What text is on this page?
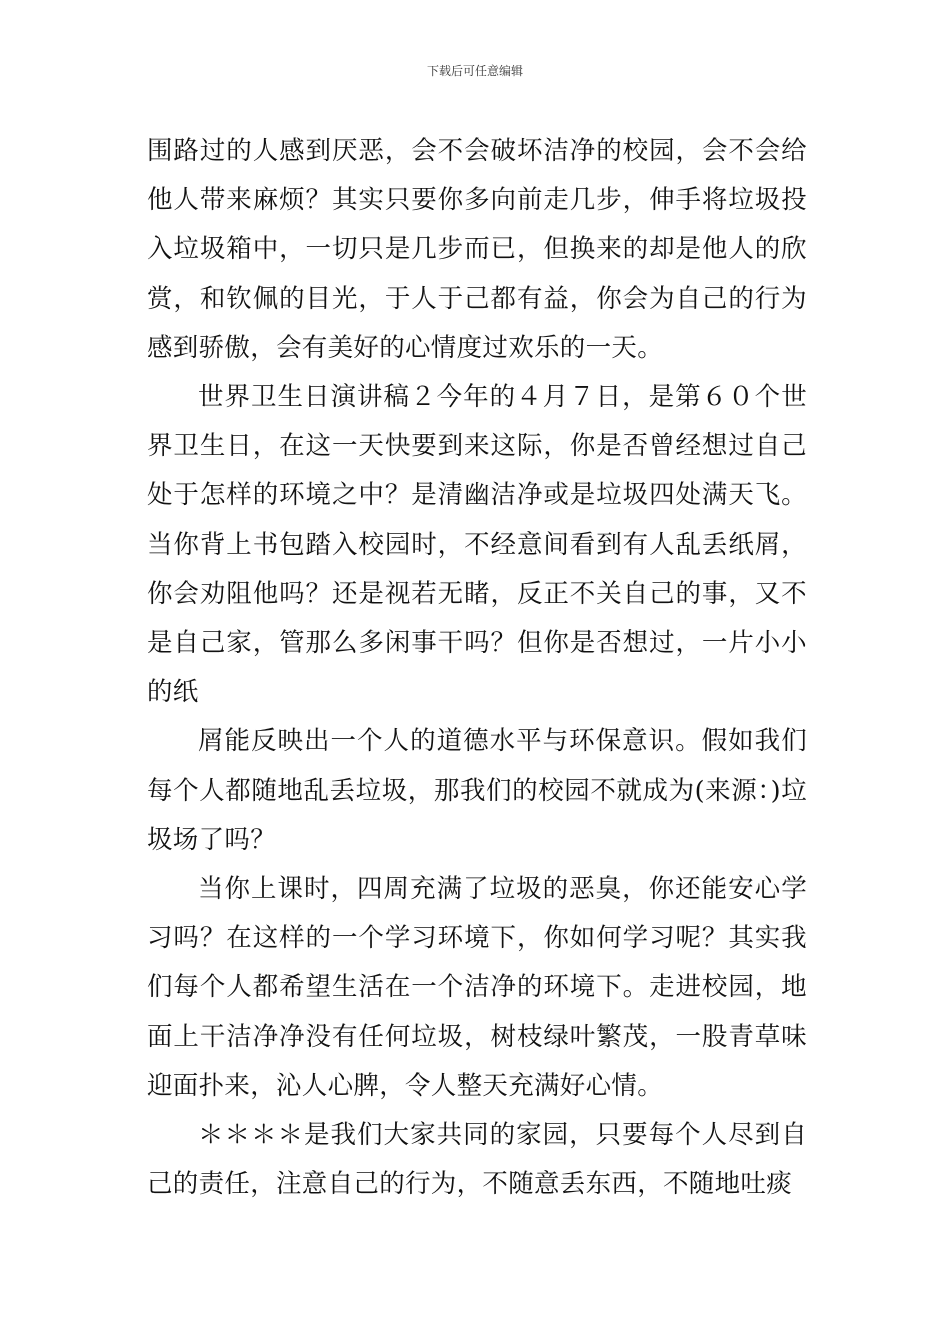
下载后可任意编辑

围路过的人感到厌恶，会不会破坏洁净的校园，会不会给他人带来麻烦？其实只要你多向前走几步，伸手将垃圾投入垃圾箱中，一切只是几步而已，但换来的却是他人的欣赏，和钦佩的目光，于人于己都有益，你会为自己的行为感到骄傲，会有美好的心情度过欢乐的一天。

世界卫生日演讲稿２今年的４月７日，是第６０个世界卫生日，在这一天快要到来这际，你是否曾经想过自己处于怎样的环境之中？是清幽洁净或是垃圾四处满天飞。当你背上书包踏入校园时，不经意间看到有人乱丢纸屑，你会劝阻他吗？还是视若无睹，反正不关自己的事，又不是自己家，管那么多闲事干吗？但你是否想过，一片小小的纸

屑能反映出一个人的道德水平与环保意识。假如我们每个人都随地乱丢垃圾，那我们的校园不就成为(来源：)垃圾场了吗？

当你上课时，四周充满了垃圾的恶臭，你还能安心学习吗？在这样的一个学习环境下，你如何学习呢？其实我们每个人都希望生活在一个洁净的环境下。走进校园，地面上干洁净净没有任何垃圾，树枝绿叶繁茂，一股青草味迎面扑来，沁人心脾，令人整天充满好心情。

＊＊＊＊是我们大家共同的家园，只要每个人尽到自己的责任，注意自己的行为，不随意丢东西，不随地吐痰
